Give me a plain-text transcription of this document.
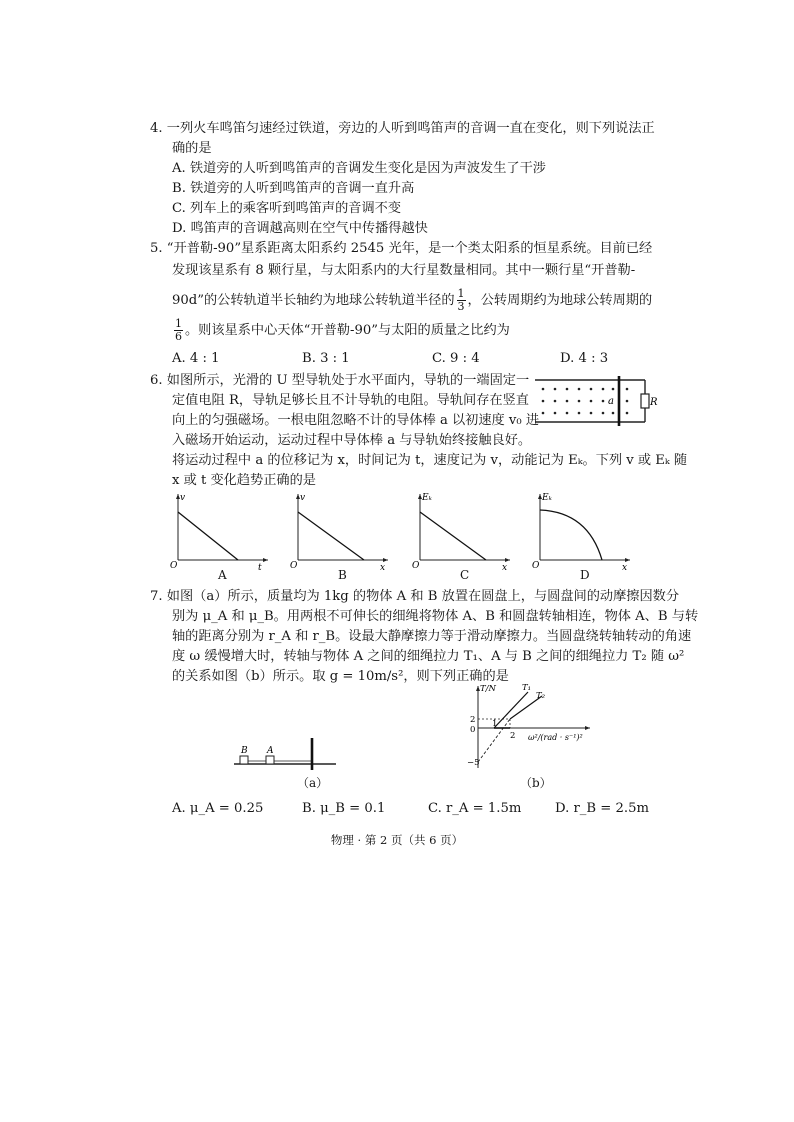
4. 一列火车鸣笛匀速经过铁道，旁边的人听到鸣笛声的音调一直在变化，则下列说法正
确的是
A. 铁道旁的人听到鸣笛声的音调发生变化是因为声波发生了干涉
B. 铁道旁的人听到鸣笛声的音调一直升高
C. 列车上的乘客听到鸣笛声的音调不变
D. 鸣笛声的音调越高则在空气中传播得越快
5. “开普勒-90”星系距离太阳系约 2545 光年，是一个类太阳系的恒星系统。目前已经
发现该星系有 8 颗行星，与太阳系内的大行星数量相同。其中一颗行星“开普勒-
90d”的公转轨道半长轴约为地球公转轨道半径的 $\frac{1}{3}$ ，公转周期约为地球公转周期的
$\frac{1}{6}$ 。则该星系中心天体“开普勒-90”与太阳的质量之比约为
A. 4 : 1	B. 3 : 1	C. 9 : 4	D. 4 : 3
6. 如图所示，光滑的 U 型导轨处于水平面内，导轨的一端固定一
定值电阻 R，导轨足够长且不计导轨的电阻。导轨间存在竖直
向上的匀强磁场。一根电阻忽略不计的导体棒 a 以初速度 v₀ 进
入磁场开始运动，运动过程中导体棒 a 与导轨始终接触良好。
将运动过程中 a 的位移记为 x，时间记为 t，速度记为 v，动能记为 Eₖ。下列 v 或 Eₖ 随
x 或 t 变化趋势正确的是
a	R
v
t
O
A
v
x
O
B
Eₖ
x
O
C
Eₖ
x
O
D
7. 如图（a）所示，质量均为 1kg 的物体 A 和 B 放置在圆盘上，与圆盘间的动摩擦因数分
别为 μ_A 和 μ_B。用两根不可伸长的细绳将物体 A、B 和圆盘转轴相连，物体 A、B 与转
轴的距离分别为 r_A 和 r_B。设最大静摩擦力等于滑动摩擦力。当圆盘绕转轴转动的角速
度 ω 缓慢增大时，转轴与物体 A 之间的细绳拉力 T₁、A 与 B 之间的细绳拉力 T₂ 随 ω²
的关系如图（b）所示。取 g = 10m/s²，则下列正确的是
B A
（a）
T/N	T₁
T₂
2
0
−5
1
2 ω²/(rad · s⁻¹)²
（b）
A. μ_A = 0.25	B. μ_B = 0.1	C. r_A = 1.5m	D. r_B = 2.5m
物理 · 第 2 页（共 6 页）
